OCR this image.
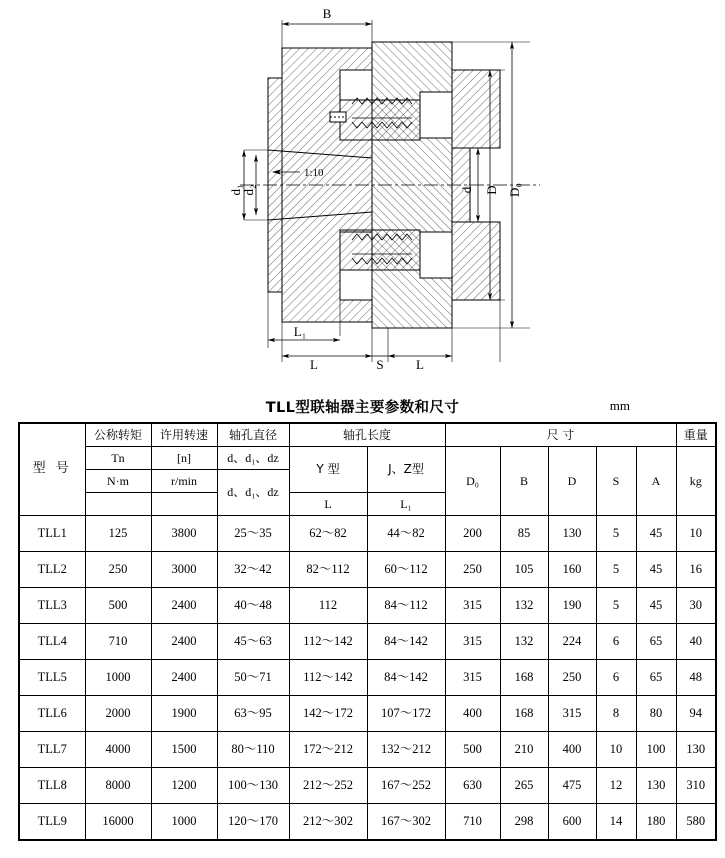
B
1:10
d₁
d₂	d D D₀
L₁
L	S L
TLL型联轴器主要参数和尺寸	mm
型 号	公称转矩	许用转速	轴孔直径	轴孔长度		尺 寸					重量	
	Tn	[n]	d、d₁、dz	Y 型	J、Z型	D₀	B	D	S	A	kg	
	N·m	r/min	d、d₁、dz									
				L	L₁							
TLL1	125	3800	25～35	62～82	44～82	200	85	130	5	45	10	
TLL2	250	3000	32～42	82～112	60～112	250	105	160	5	45	16	
TLL3	500	2400	40～48	112	84～112	315	132	190	5	45	30	
TLL4	710	2400	45～63	112～142	84～142	315	132	224	6	65	40	
TLL5	1000	2400	50～71	112～142	84～142	315	168	250	6	65	48	
TLL6	2000	1900	63～95	142～172	107～172	400	168	315	8	80	94	
TLL7	4000	1500	80～110	172～212	132～212	500	210	400	10	100	130	
TLL8	8000	1200	100～130	212～252	167～252	630	265	475	12	130	310	
TLL9	16000	1000	120～170	212～302	167～302	710	298	600	14	180	580	
